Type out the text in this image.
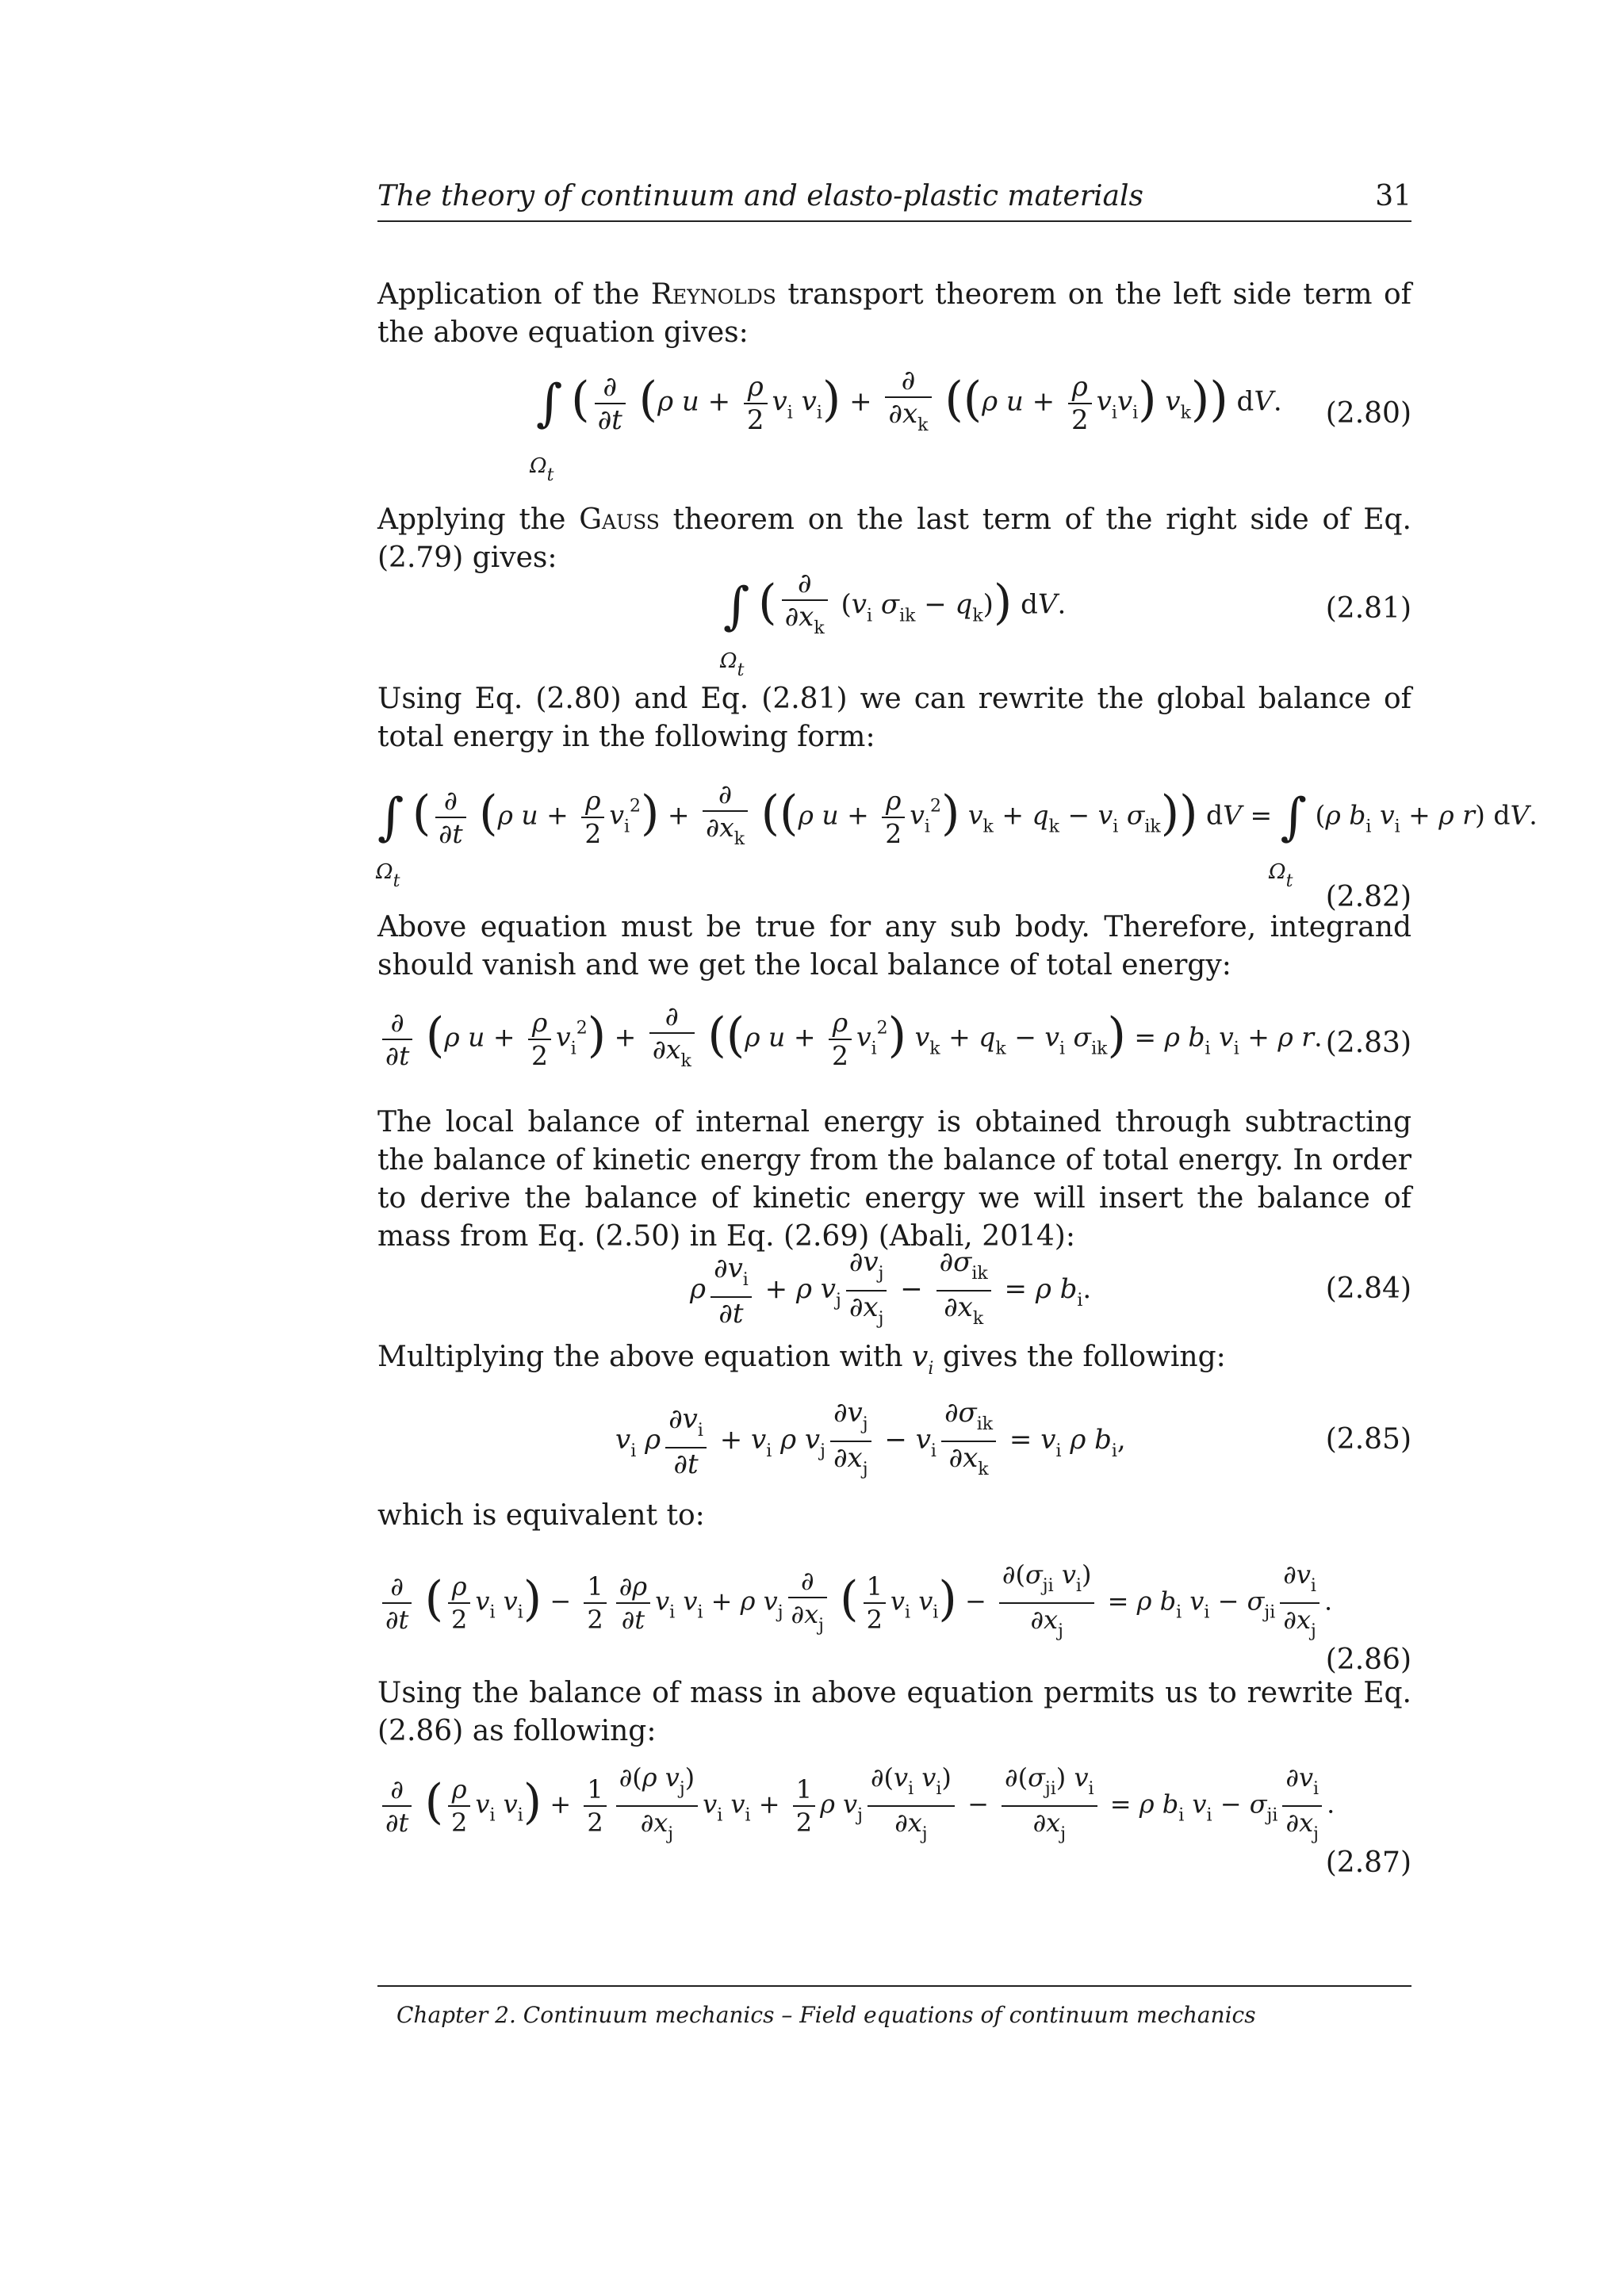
The theory of continuum and elasto-plastic materials	31
Application of the Reynolds transport theorem on the left side term of the above equation gives:
∫ ( $\frac{\partial}{\partial t} (\rho$ $u + \frac{\rho}{2} v_i$ $v_i) + \frac{\partial}{\partial x_k} ((\rho$ $u + \frac{\rho}{2} v_iv_i$) $v_k$)) dV.
$\Omega_t$
(2.80)
Applying the Gauss theorem on the last term of the right side of Eq. (2.79) gives:
∫ ( $\frac{\partial}{\partial x_k} (v_i$ $\sigma_{ik} - q_k$)) dV.
$\Omega_t$
(2.81)
Using Eq. (2.80) and Eq. (2.81) we can rewrite the global balance of total energy in the following form:
∫ ( $\frac{\partial}{\partial t} (\rho$ $u + \frac{\rho}{2} v_i^2) + \frac{\partial}{\partial x_k} ((\rho$ $u + \frac{\rho}{2} v_i^2$) $v_k + q_k - v_i$ $\sigma_{ik}$)) dV = ∫ (ρ $b_i$ $v_i + \rho$ r) dV.
$\Omega_t$	$\Omega_t$ (2.82)
Above equation must be true for any sub body. Therefore, integrand should vanish and we get the local balance of total energy:
$\frac{\partial}{\partial t} (\rho$ $u + \frac{\rho}{2} v_i^2) + \frac{\partial}{\partial x_k} ((\rho$ $u + \frac{\rho}{2} v_i^2$) $v_k + q_k - v_i$ $\sigma_{ik}) = \rho$ $b_i$ $v_i + \rho$ r. (2.83)
The local balance of internal energy is obtained through subtracting the balance of kinetic energy from the balance of total energy. In order to derive the balance of kinetic energy we will insert the balance of mass from Eq. (2.50) in Eq. (2.69) (Abali, 2014):
ρ $\frac{\partial v_i}{\partial t} + \rho$ $v_j \frac{\partial v_j}{\partial x_j} - \frac{\partial\sigma_{ik}}{\partial x_k} = \rho$ $b_i$.	(2.84)
Multiplying the above equation with $v_i$ gives the following:
$v_i$ ρ $\frac{\partial v_i}{\partial t} + v_i$ ρ $v_j \frac{\partial v_j}{\partial x_j} - v_i \frac{\partial\sigma_{ik}}{\partial x_k} = v_i$ ρ $b_i$,	(2.85)
which is equivalent to:
$\frac{\partial}{\partial t}$ ( $\frac{\rho}{2} v_i$ $v_i) - \frac{1}{2} \frac{\partial\rho}{\partial t} v_i$ $v_i + \rho$ $v_j \frac{\partial}{\partial x_j}$ ( $\frac{1}{2} v_i$ $v_i) - \frac{\partial(\sigma_{ji} v_i)}{\partial x_j} = \rho$ $b_i$ $v_i - \sigma_{ji} \frac{\partial v_i}{\partial x_j}$ .
(2.86)
Using the balance of mass in above equation permits us to rewrite Eq. (2.86) as following:
$\frac{\partial}{\partial t}$ ( $\frac{\rho}{2} v_i$ $v_i) + \frac{1}{2} \frac{\partial(\rho v_j)}{\partial x_j} v_i$ $v_i + \frac{1}{2}$ ρ $v_j \frac{\partial(v_i v_i)}{\partial x_j} - \frac{\partial(\sigma_{ji}) v_i}{\partial x_j} = \rho$ $b_i$ $v_i - \sigma_{ji} \frac{\partial v_i}{\partial x_j}$ .
(2.87)
Chapter 2. Continuum mechanics – Field equations of continuum mechanics
